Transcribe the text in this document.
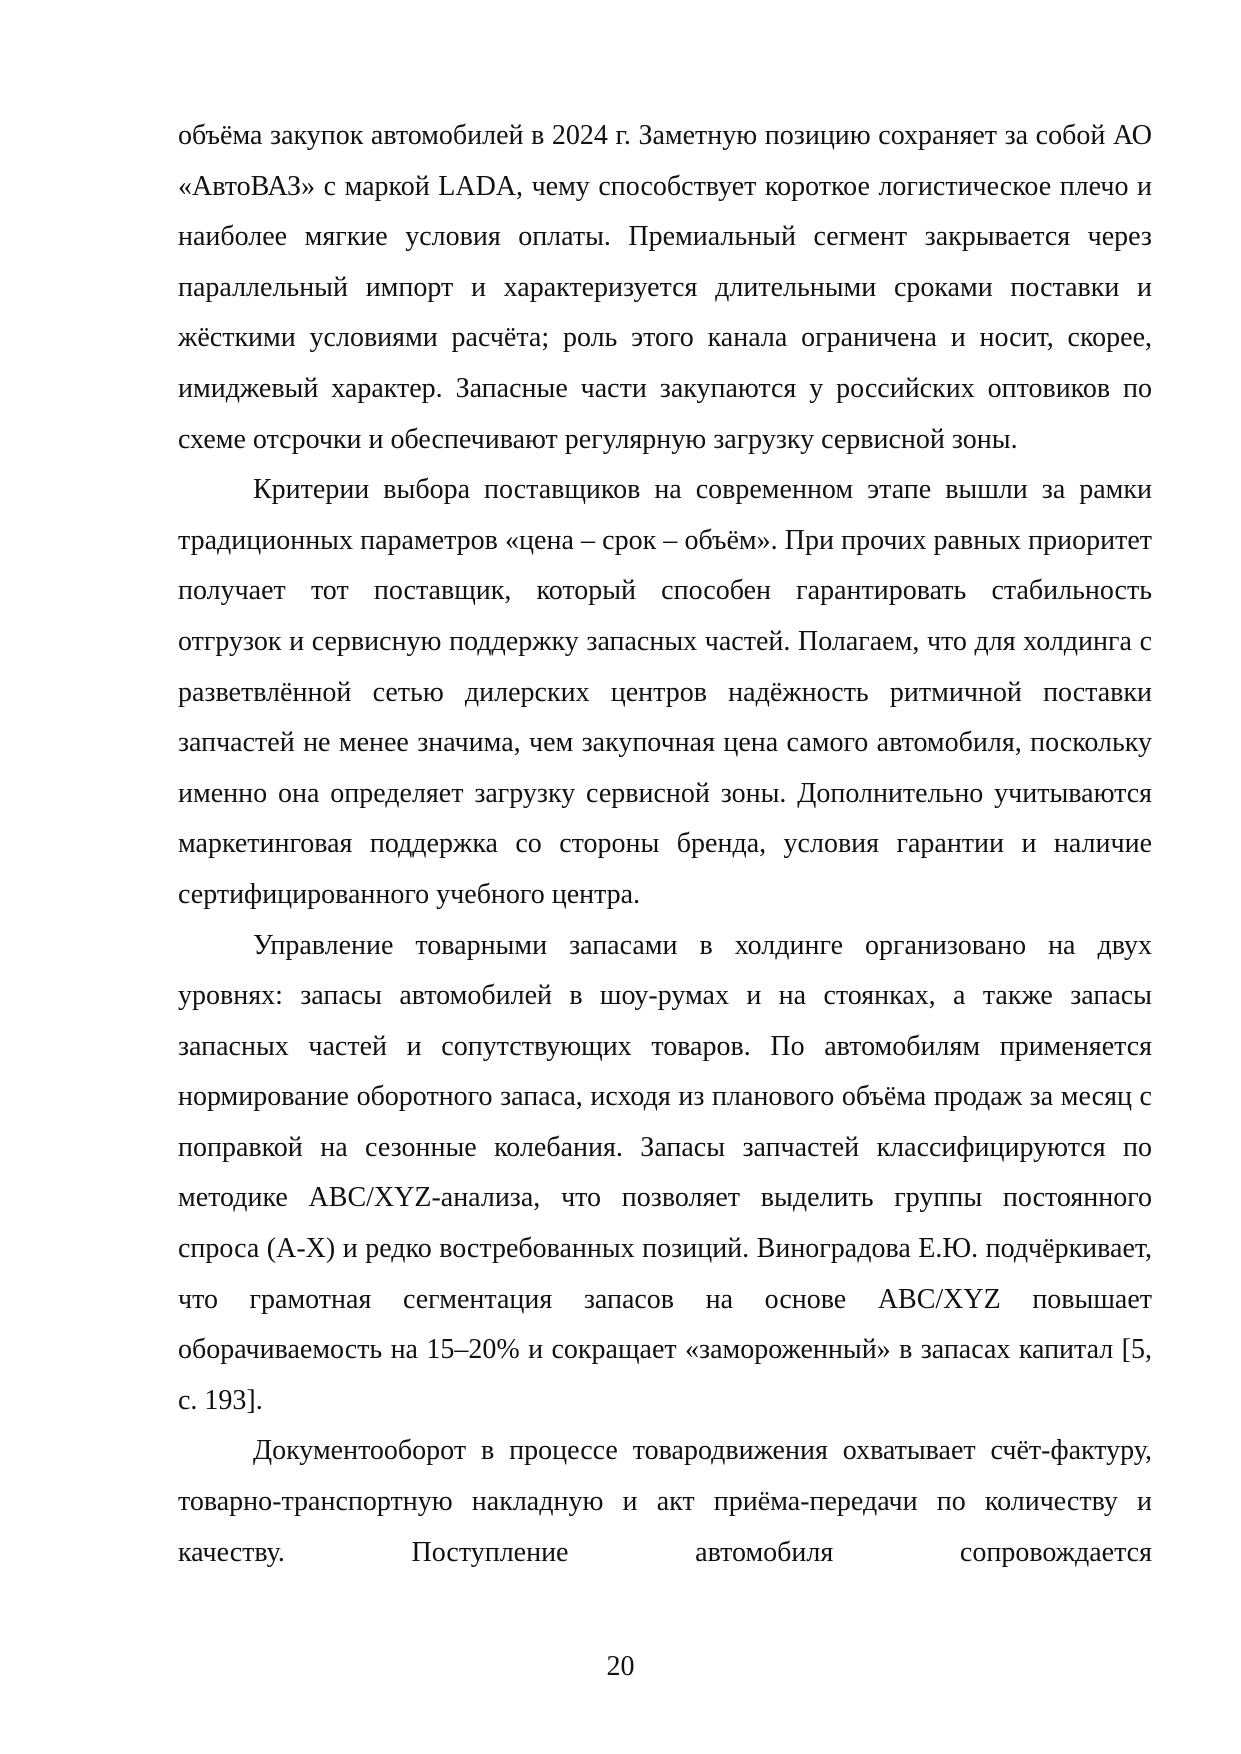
объёма закупок автомобилей в 2024 г. Заметную позицию сохраняет за собой АО «АвтоВАЗ» с маркой LADA, чему способствует короткое логистическое плечо и наиболее мягкие условия оплаты. Премиальный сегмент закрывается через параллельный импорт и характеризуется длительными сроками поставки и жёсткими условиями расчёта; роль этого канала ограничена и носит, скорее, имиджевый характер. Запасные части закупаются у российских оптовиков по схеме отсрочки и обеспечивают регулярную загрузку сервисной зоны.

Критерии выбора поставщиков на современном этапе вышли за рамки традиционных параметров «цена – срок – объём». При прочих равных приоритет получает тот поставщик, который способен гарантировать стабильность отгрузок и сервисную поддержку запасных частей. Полагаем, что для холдинга с разветвлённой сетью дилерских центров надёжность ритмичной поставки запчастей не менее значима, чем закупочная цена самого автомобиля, поскольку именно она определяет загрузку сервисной зоны. Дополнительно учитываются маркетинговая поддержка со стороны бренда, условия гарантии и наличие сертифицированного учебного центра.

Управление товарными запасами в холдинге организовано на двух уровнях: запасы автомобилей в шоу-румах и на стоянках, а также запасы запасных частей и сопутствующих товаров. По автомобилям применяется нормирование оборотного запаса, исходя из планового объёма продаж за месяц с поправкой на сезонные колебания. Запасы запчастей классифицируются по методике ABC/XYZ-анализа, что позволяет выделить группы постоянного спроса (A-X) и редко востребованных позиций. Виноградова Е.Ю. подчёркивает, что грамотная сегментация запасов на основе ABC/XYZ повышает оборачиваемость на 15–20% и сокращает «замороженный» в запасах капитал [5, с. 193].

Документооборот в процессе товародвижения охватывает счёт-фактуру, товарно-транспортную накладную и акт приёма-передачи по количеству и качеству. Поступление автомобиля сопровождается

20
